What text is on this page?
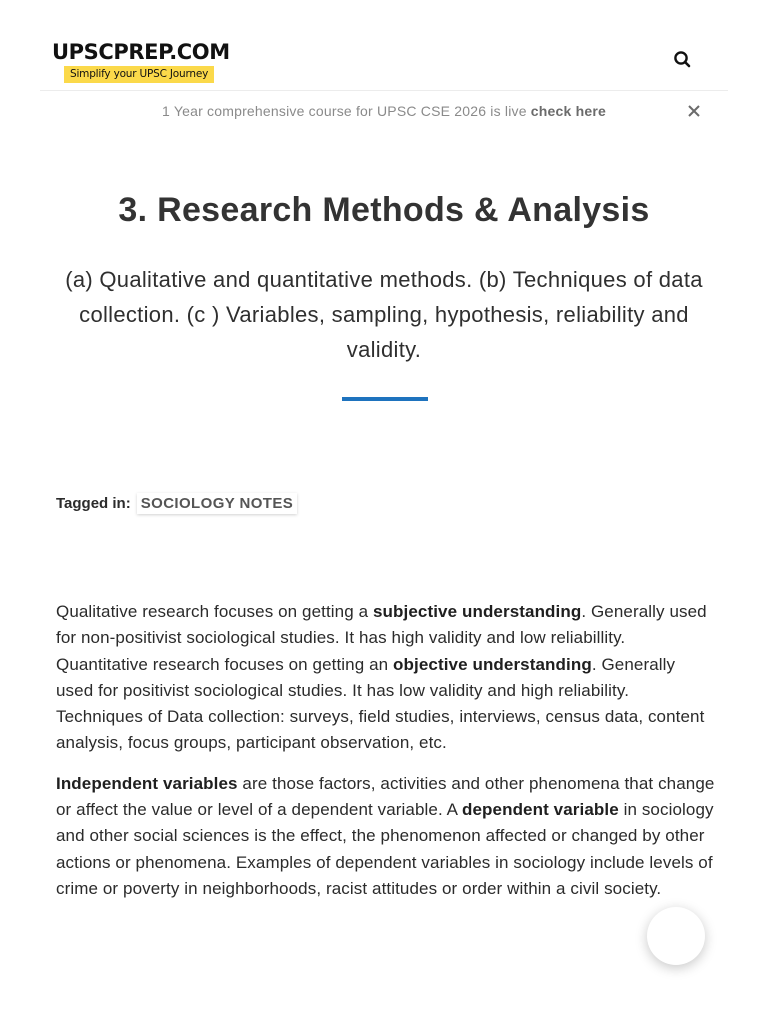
UPSCPREP.COM
Simplify your UPSC Journey
1 Year comprehensive course for UPSC CSE 2026 is live check here
3. Research Methods & Analysis

(a) Qualitative and quantitative methods. (b) Techniques of data collection. (c ) Variables, sampling, hypothesis, reliability and validity.

Tagged in: SOCIOLOGY NOTES

Qualitative research focuses on getting a subjective understanding. Generally used for non-positivist sociological studies. It has high validity and low reliabillity.

Quantitative research focuses on getting an objective understanding. Generally used for positivist sociological studies. It has low validity and high reliability.

Techniques of Data collection: surveys, field studies, interviews, census data, content analysis, focus groups, participant observation, etc.

Independent variables are those factors, activities and other phenomena that change or affect the value or level of a dependent variable. A dependent variable in sociology and other social sciences is the effect, the phenomenon affected or changed by other actions or phenomena. Examples of dependent variables in sociology include levels of crime or poverty in neighborhoods, racist attitudes or order within a civil society.
